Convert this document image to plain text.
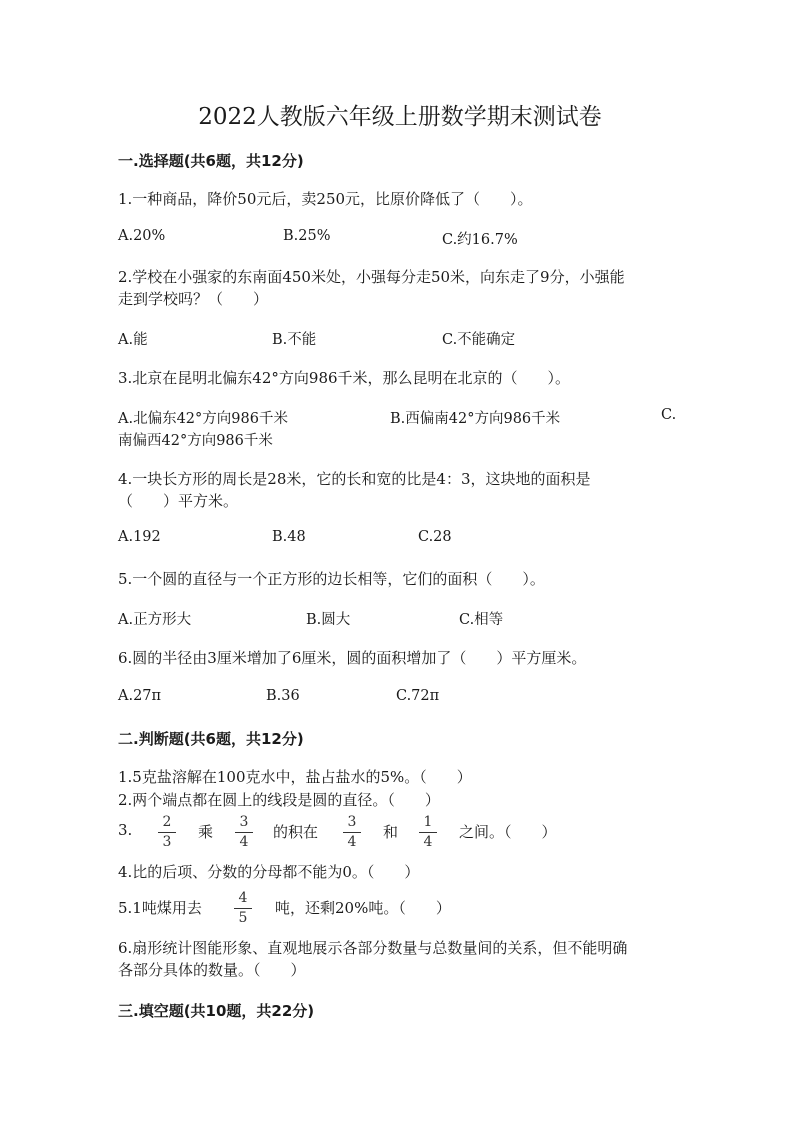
2022人教版六年级上册数学期末测试卷
一.选择题(共6题，共12分)
1.一种商品，降价50元后，卖250元，比原价降低了（　　）。
A.20%	B.25%	C.约16.7%
2.学校在小强家的东南面450米处，小强每分走50米，向东走了9分，小强能
走到学校吗？（　　）
A.能	B.不能	C.不能确定
3.北京在昆明北偏东42°方向986千米，那么昆明在北京的（　　）。
A.北偏东42°方向986千米	B.西偏南42°方向986千米	C.
南偏西42°方向986千米
4.一块长方形的周长是28米，它的长和宽的比是4：3，这块地的面积是
（　　）平方米。
A.192	B.48	C.28
5.一个圆的直径与一个正方形的边长相等，它们的面积（　　）。
A.正方形大	B.圆大	C.相等
6.圆的半径由3厘米增加了6厘米，圆的面积增加了（　　）平方厘米。
A.27π	B.36	C.72π
二.判断题(共6题，共12分)
1.5克盐溶解在100克水中，盐占盐水的5%。（　　）
2.两个端点都在圆上的线段是圆的直径。（　　）
3.	2
3
乘
3
4
的积在
3
4
和
1
4
之间。（　　）
4.比的后项、分数的分母都不能为0。（　　）
5.1吨煤用去
4
5
吨，还剩20%吨。（　　）
6.扇形统计图能形象、直观地展示各部分数量与总数量间的关系，但不能明确
各部分具体的数量。（　　）
三.填空题(共10题，共22分)
